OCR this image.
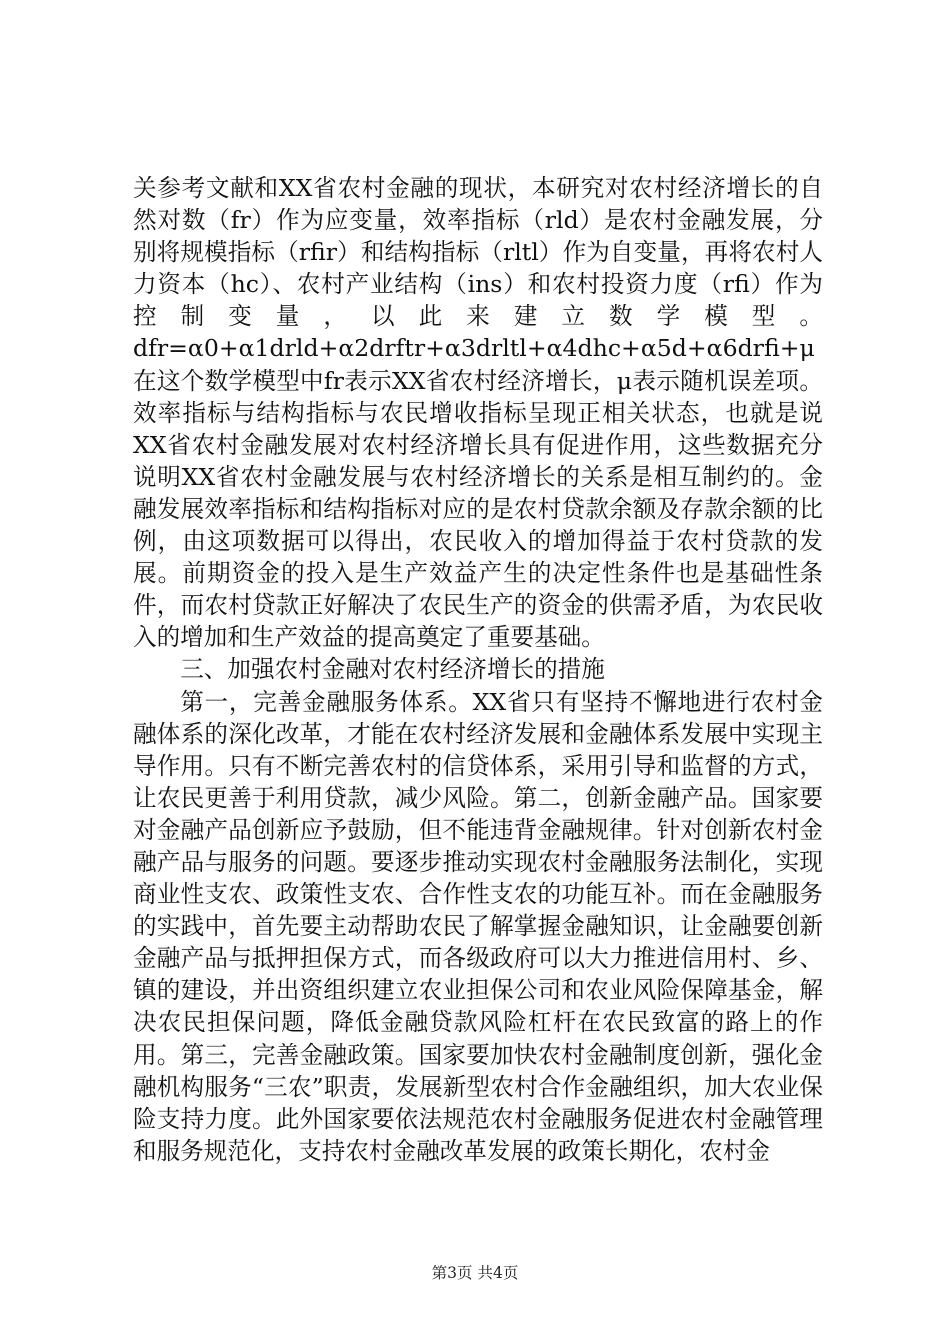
关参考文献和XX省农村金融的现状，本研究对农村经济增长的自然对数（fr）作为应变量，效率指标（rld）是农村金融发展，分别将规模指标（rfir）和结构指标（rltl）作为自变量，再将农村人力资本（hc）、农村产业结构（ins）和农村投资力度（rfi）作为控制变量，以此来建立数学模型。dfr=α0+α1drld+α2drftr+α3drltl+α4dhc+α5d+α6drfi+μ在这个数学模型中fr表示XX省农村经济增长，μ表示随机误差项。效率指标与结构指标与农民增收指标呈现正相关状态，也就是说XX省农村金融发展对农村经济增长具有促进作用，这些数据充分说明XX省农村金融发展与农村经济增长的关系是相互制约的。金融发展效率指标和结构指标对应的是农村贷款余额及存款余额的比例，由这项数据可以得出，农民收入的增加得益于农村贷款的发展。前期资金的投入是生产效益产生的决定性条件也是基础性条件，而农村贷款正好解决了农民生产的资金的供需矛盾，为农民收入的增加和生产效益的提高奠定了重要基础。

三、加强农村金融对农村经济增长的措施

第一，完善金融服务体系。XX省只有坚持不懈地进行农村金融体系的深化改革，才能在农村经济发展和金融体系发展中实现主导作用。只有不断完善农村的信贷体系，采用引导和监督的方式，让农民更善于利用贷款，减少风险。第二，创新金融产品。国家要对金融产品创新应予鼓励，但不能违背金融规律。针对创新农村金融产品与服务的问题。要逐步推动实现农村金融服务法制化，实现商业性支农、政策性支农、合作性支农的功能互补。而在金融服务的实践中，首先要主动帮助农民了解掌握金融知识，让金融要创新金融产品与抵押担保方式，而各级政府可以大力推进信用村、乡、镇的建设，并出资组织建立农业担保公司和农业风险保障基金，解决农民担保问题，降低金融贷款风险杠杆在农民致富的路上的作用。第三，完善金融政策。国家要加快农村金融制度创新，强化金融机构服务“三农”职责，发展新型农村合作金融组织，加大农业保险支持力度。此外国家要依法规范农村金融服务促进农村金融管理和服务规范化，支持农村金融改革发展的政策长期化，农村金

第3页 共4页
